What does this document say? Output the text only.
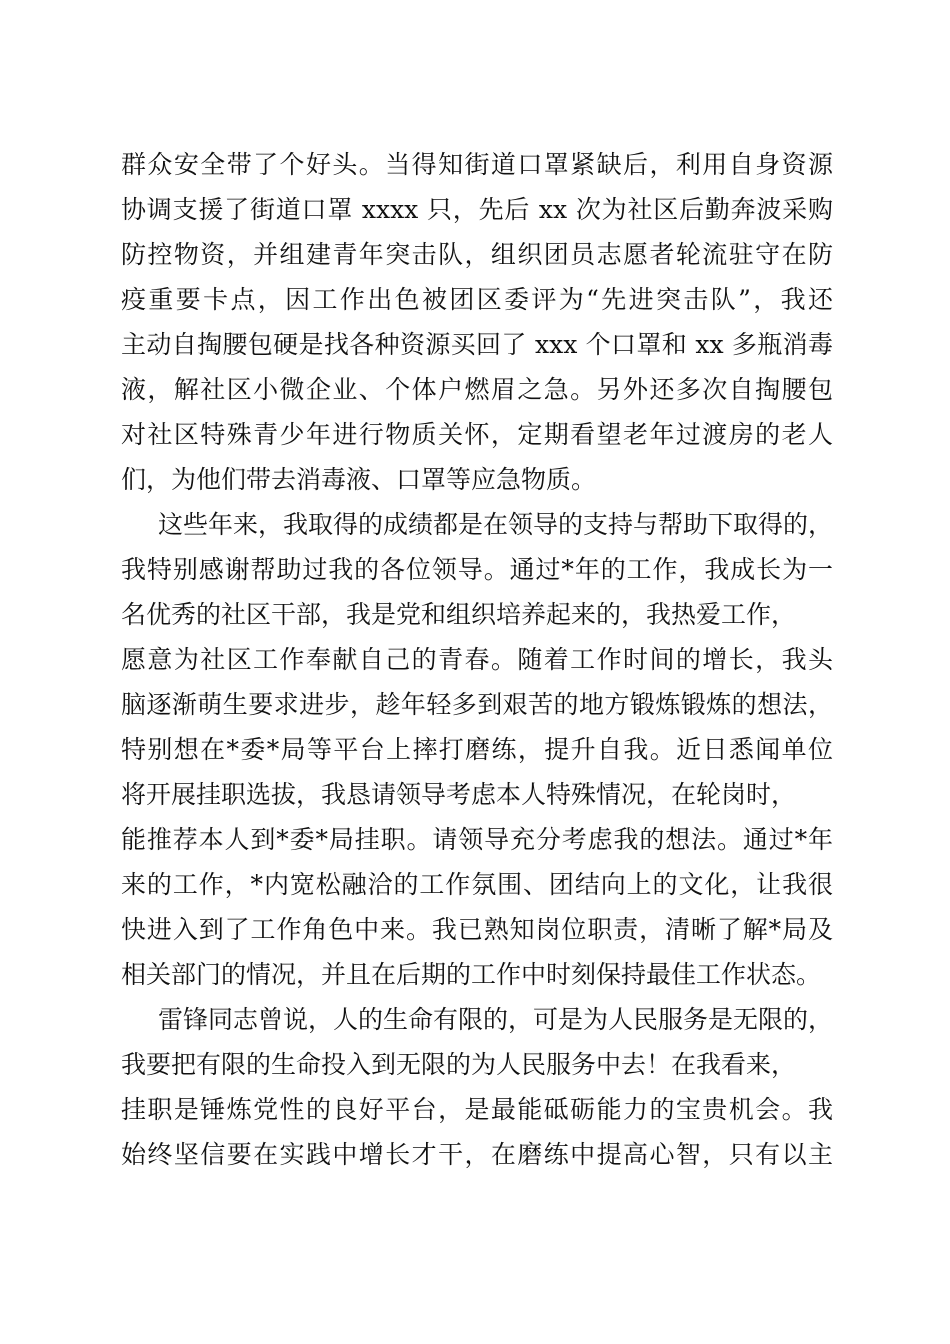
群众安全带了个好头。当得知街道口罩紧缺后，利用自身资源
协调支援了街道口罩 xxxx 只，先后 xx 次为社区后勤奔波采购
防控物资，并组建青年突击队，组织团员志愿者轮流驻守在防
疫重要卡点，因工作出色被团区委评为“先进突击队”，我还
主动自掏腰包硬是找各种资源买回了 xxx 个口罩和 xx 多瓶消毒
液，解社区小微企业、个体户燃眉之急。另外还多次自掏腰包
对社区特殊青少年进行物质关怀，定期看望老年过渡房的老人
们，为他们带去消毒液、口罩等应急物质。
这些年来，我取得的成绩都是在领导的支持与帮助下取得的，
我特别感谢帮助过我的各位领导。通过*年的工作，我成长为一
名优秀的社区干部，我是党和组织培养起来的，我热爱工作，
愿意为社区工作奉献自己的青春。随着工作时间的增长，我头
脑逐渐萌生要求进步，趁年轻多到艰苦的地方锻炼锻炼的想法，
特别想在*委*局等平台上摔打磨练，提升自我。近日悉闻单位
将开展挂职选拔，我恳请领导考虑本人特殊情况，在轮岗时，
能推荐本人到*委*局挂职。请领导充分考虑我的想法。通过*年
来的工作，*内宽松融洽的工作氛围、团结向上的文化，让我很
快进入到了工作角色中来。我已熟知岗位职责，清晰了解*局及
相关部门的情况，并且在后期的工作中时刻保持最佳工作状态。
雷锋同志曾说，人的生命有限的，可是为人民服务是无限的，
我要把有限的生命投入到无限的为人民服务中去！在我看来，
挂职是锤炼党性的良好平台，是最能砥砺能力的宝贵机会。我
始终坚信要在实践中增长才干，在磨练中提高心智，只有以主
